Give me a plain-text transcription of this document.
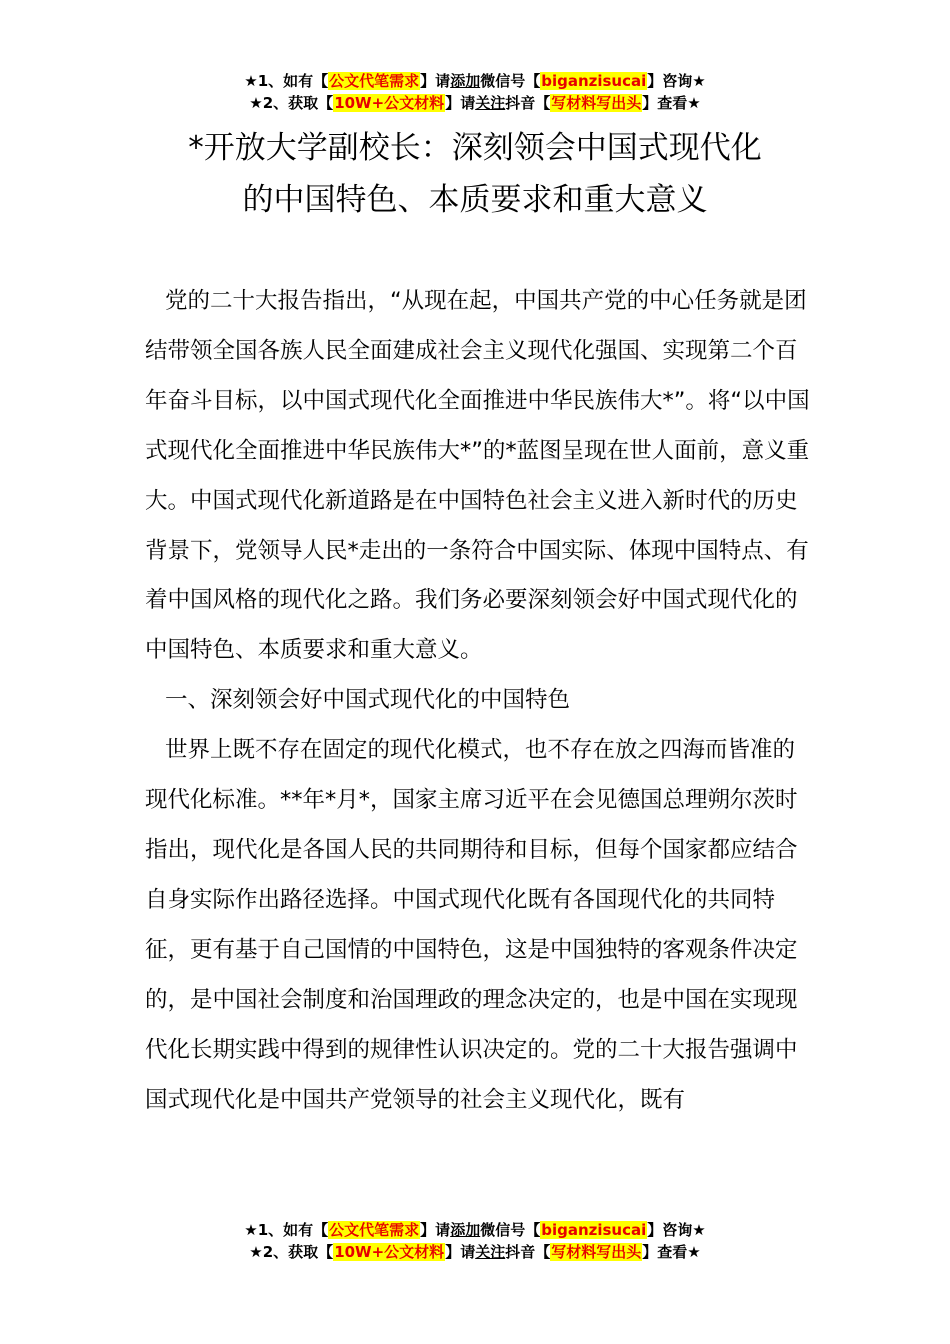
★1、如有【公文代笔需求】请添加微信号【biganzisucai】咨询★
★2、获取【10W+公文材料】请关注抖音【写材料写出头】查看★
*开放大学副校长：深刻领会中国式现代化
的中国特色、本质要求和重大意义

党的二十大报告指出，“从现在起，中国共产党的中心任务就是团结带领全国各族人民全面建成社会主义现代化强国、实现第二个百年奋斗目标，以中国式现代化全面推进中华民族伟大*”。将“以中国式现代化全面推进中华民族伟大*”的*蓝图呈现在世人面前，意义重大。中国式现代化新道路是在中国特色社会主义进入新时代的历史背景下，党领导人民*走出的一条符合中国实际、体现中国特点、有着中国风格的现代化之路。我们务必要深刻领会好中国式现代化的中国特色、本质要求和重大意义。

一、深刻领会好中国式现代化的中国特色

世界上既不存在固定的现代化模式，也不存在放之四海而皆准的现代化标准。**年*月*，国家主席习近平在会见德国总理朔尔茨时指出，现代化是各国人民的共同期待和目标，但每个国家都应结合自身实际作出路径选择。中国式现代化既有各国现代化的共同特征，更有基于自己国情的中国特色，这是中国独特的客观条件决定的，是中国社会制度和治国理政的理念决定的，也是中国在实现现代化长期实践中得到的规律性认识决定的。党的二十大报告强调中国式现代化是中国共产党领导的社会主义现代化，既有

★1、如有【公文代笔需求】请添加微信号【biganzisucai】咨询★
★2、获取【10W+公文材料】请关注抖音【写材料写出头】查看★
